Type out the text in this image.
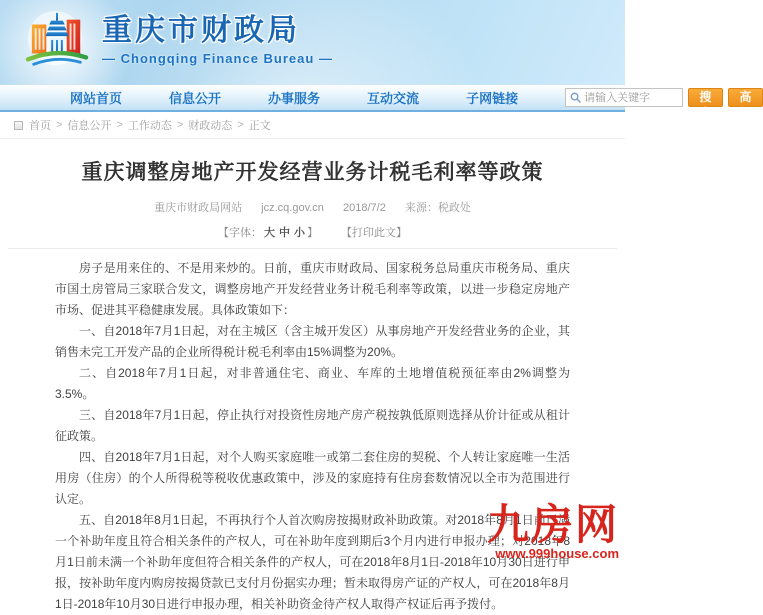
重庆市财政局
— Chongqing Finance Bureau —
网站首页	信息公开	办事服务	互动交流	子网链接
请输入关键字	搜索
高级
首页 > 信息公开 > 工作动态 > 财政动态 > 正文
重庆调整房地产开发经营业务计税毛利率等政策
重庆市财政局网站 jcz.cq.gov.cn 2018/7/2 来源：税政处
【字体： 大 中 小 】 【打印此文】

房子是用来住的、不是用来炒的。日前，重庆市财政局、国家税务总局重庆市税务局、重庆市国土房管局三家联合发文，调整房地产开发经营业务计税毛利率等政策，以进一步稳定房地产市场、促进其平稳健康发展。具体政策如下：

一、自2018年7月1日起，对在主城区（含主城开发区）从事房地产开发经营业务的企业，其销售未完工开发产品的企业所得税计税毛利率由15%调整为20%。

二、自2018年7月1日起，对非普通住宅、商业、车库的土地增值税预征率由2%调整为3.5%。

三、自2018年7月1日起，停止执行对投资性房地产房产税按孰低原则选择从价计征或从租计征政策。

四、自2018年7月1日起，对个人购买家庭唯一或第二套住房的契税、个人转让家庭唯一生活用房（住房）的个人所得税等税收优惠政策中，涉及的家庭持有住房套数情况以全市为范围进行认定。

五、自2018年8月1日起，不再执行个人首次购房按揭财政补助政策。对2018年8月1日前已满一个补助年度且符合相关条件的产权人，可在补助年度到期后3个月内进行申报办理；对2018年8月1日前未满一个补助年度但符合相关条件的产权人，可在2018年8月1日-2018年10月30日进行申报，按补助年度内购房按揭贷款已支付月份据实办理；暂未取得房产证的产权人，可在2018年8月1日-2018年10月30日进行申报办理，相关补助资金待产权人取得产权证后再予拨付。

九房网
www.999house.com
